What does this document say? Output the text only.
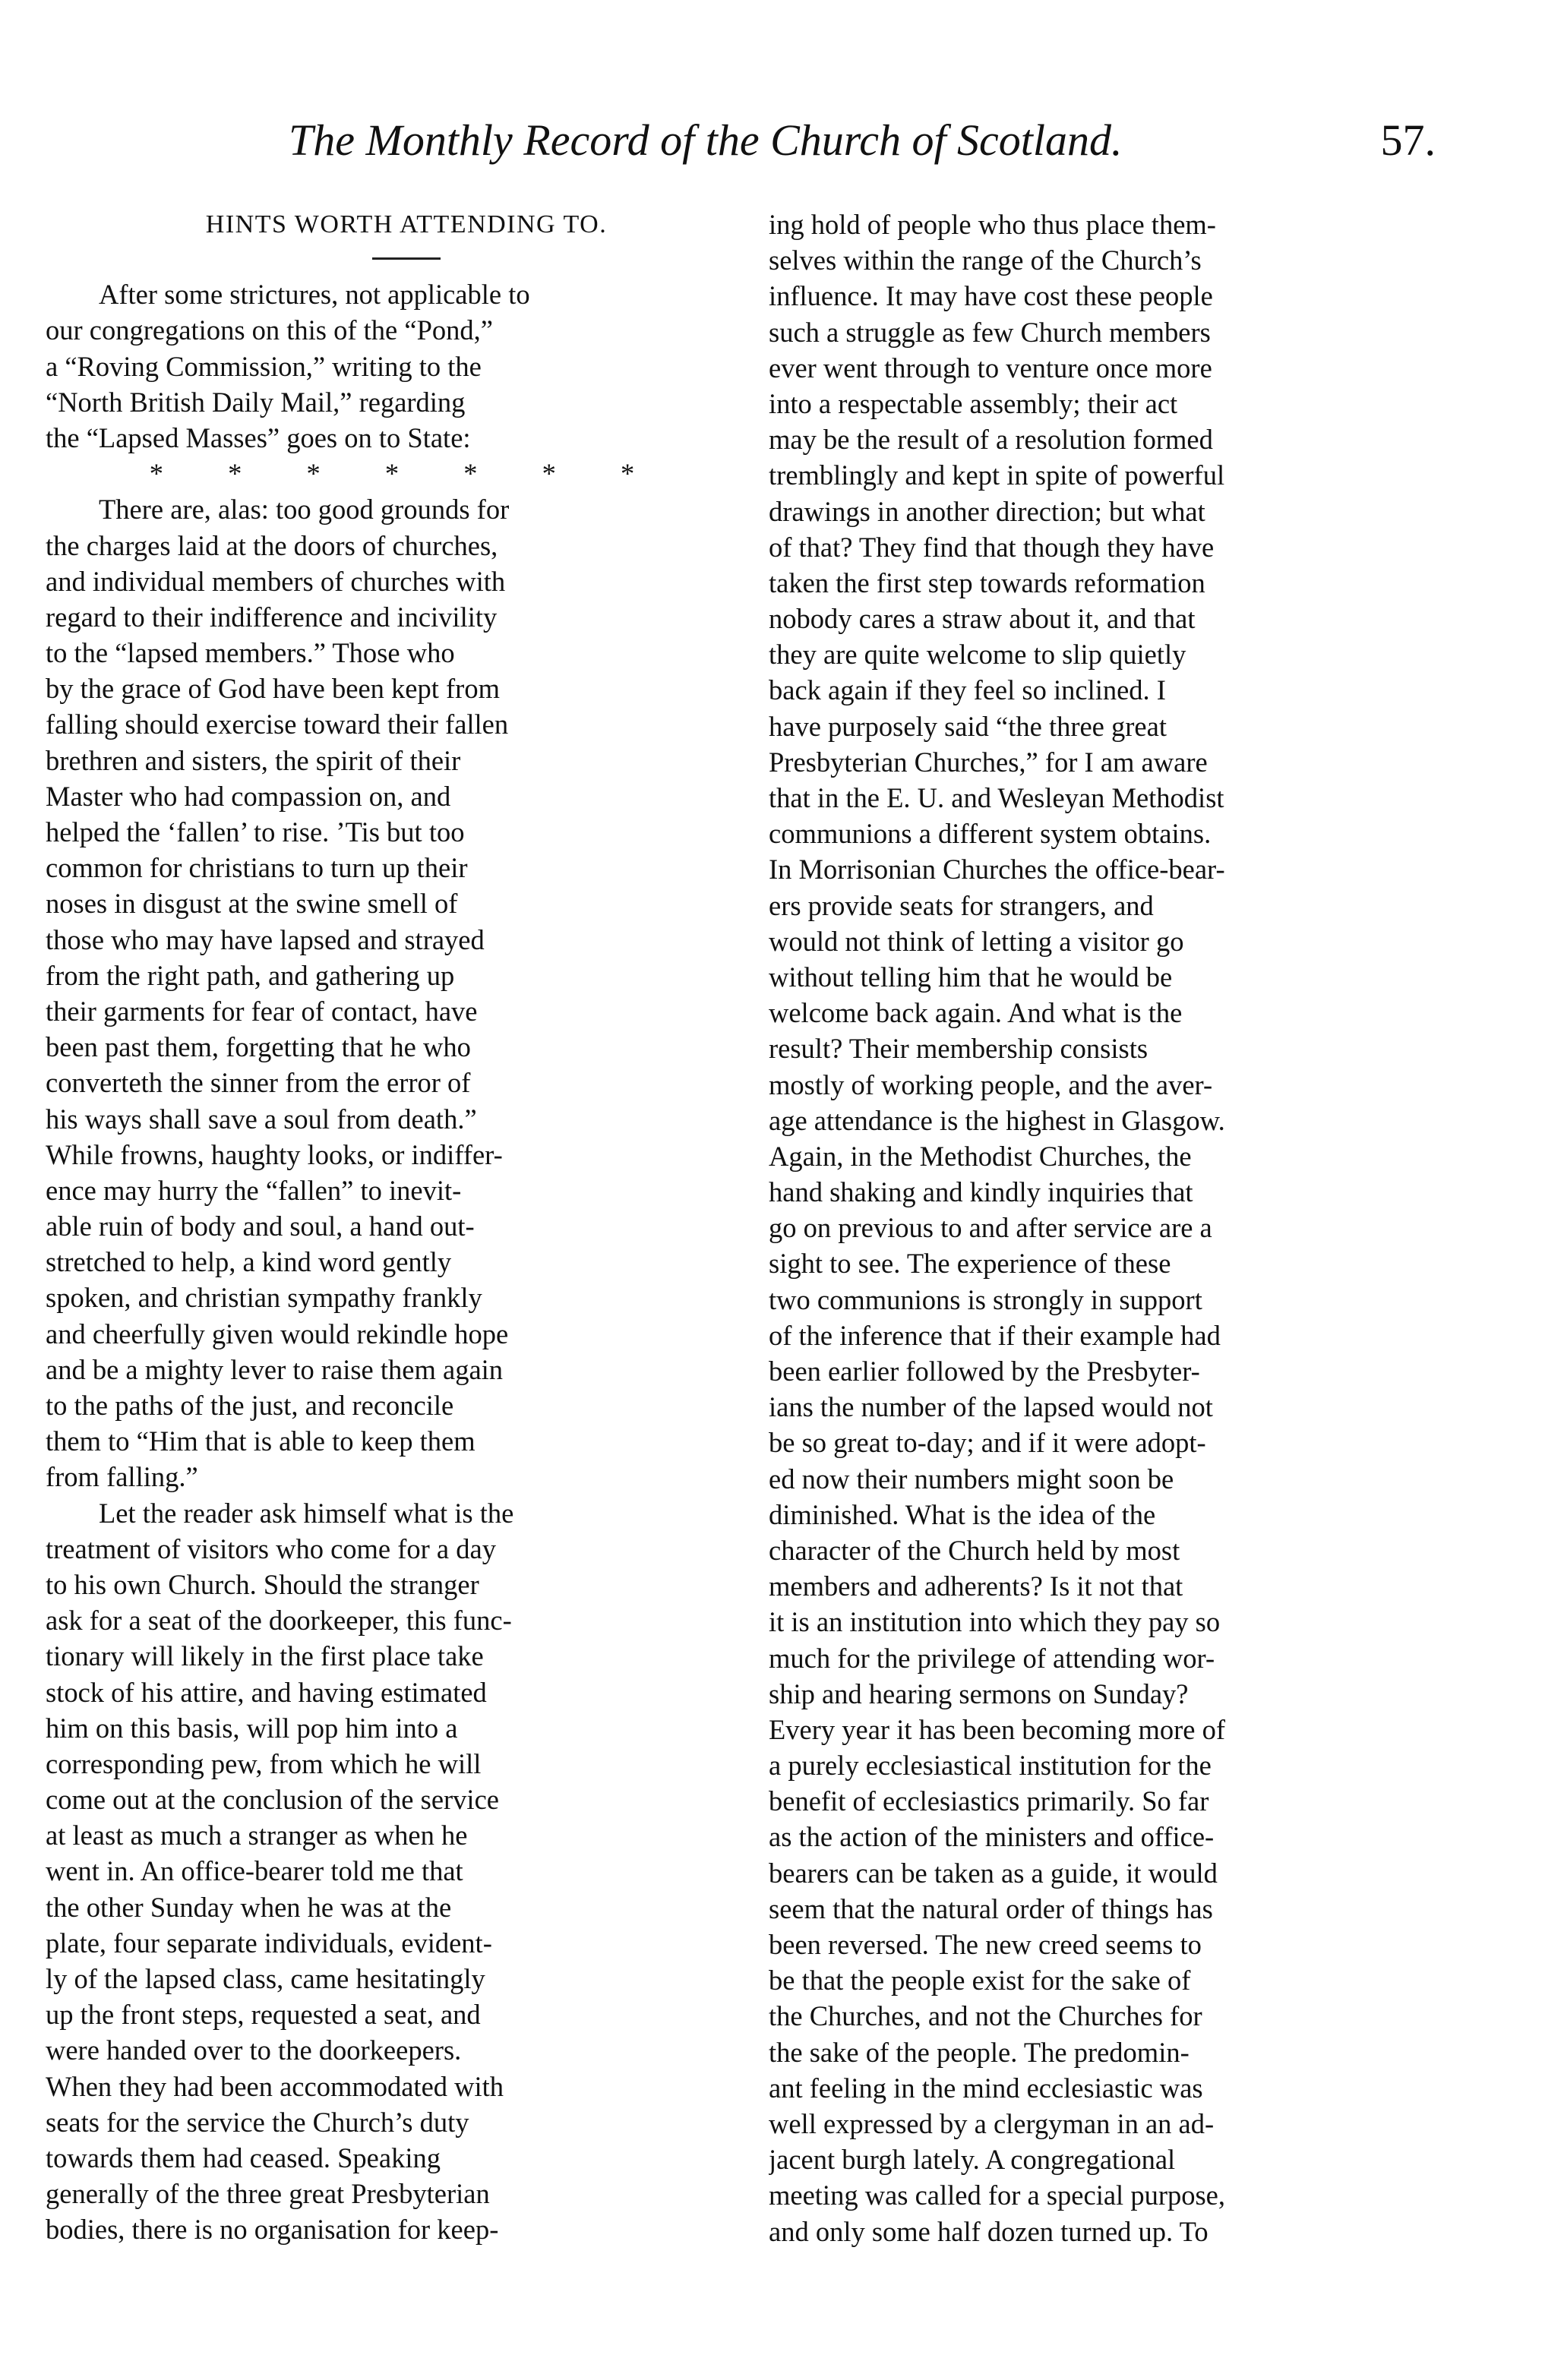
The Monthly Record of the Church of Scotland.	57.
HINTS WORTH ATTENDING TO.
After some strictures, not applicable to
our congregations on this of the “Pond,”
a “Roving Commission,” writing to the
“North British Daily Mail,” regarding
the “Lapsed Masses” goes on to State:
* * * * * * *
There are, alas: too good grounds for
the charges laid at the doors of churches,
and individual members of churches with
regard to their indifference and incivility
to the “lapsed members.” Those who
by the grace of God have been kept from
falling should exercise toward their fallen
brethren and sisters, the spirit of their
Master who had compassion on, and
helped the ‘fallen’ to rise. ’Tis but too
common for christians to turn up their
noses in disgust at the swine smell of
those who may have lapsed and strayed
from the right path, and gathering up
their garments for fear of contact, have
been past them, forgetting that he who
converteth the sinner from the error of
his ways shall save a soul from death.”
While frowns, haughty looks, or indiffer-
ence may hurry the “fallen” to inevit-
able ruin of body and soul, a hand out-
stretched to help, a kind word gently
spoken, and christian sympathy frankly
and cheerfully given would rekindle hope
and be a mighty lever to raise them again
to the paths of the just, and reconcile
them to “Him that is able to keep them
from falling.”
Let the reader ask himself what is the
treatment of visitors who come for a day
to his own Church. Should the stranger
ask for a seat of the doorkeeper, this func-
tionary will likely in the first place take
stock of his attire, and having estimated
him on this basis, will pop him into a
corresponding pew, from which he will
come out at the conclusion of the service
at least as much a stranger as when he
went in. An office-bearer told me that
the other Sunday when he was at the
plate, four separate individuals, evident-
ly of the lapsed class, came hesitatingly
up the front steps, requested a seat, and
were handed over to the doorkeepers.
When they had been accommodated with
seats for the service the Church’s duty
towards them had ceased. Speaking
generally of the three great Presbyterian
bodies, there is no organisation for keep-
ing hold of people who thus place them-
selves within the range of the Church’s
influence. It may have cost these people
such a struggle as few Church members
ever went through to venture once more
into a respectable assembly; their act
may be the result of a resolution formed
tremblingly and kept in spite of powerful
drawings in another direction; but what
of that? They find that though they have
taken the first step towards reformation
nobody cares a straw about it, and that
they are quite welcome to slip quietly
back again if they feel so inclined. I
have purposely said “the three great
Presbyterian Churches,” for I am aware
that in the E. U. and Wesleyan Methodist
communions a different system obtains.
In Morrisonian Churches the office-bear-
ers provide seats for strangers, and
would not think of letting a visitor go
without telling him that he would be
welcome back again. And what is the
result? Their membership consists
mostly of working people, and the aver-
age attendance is the highest in Glasgow.
Again, in the Methodist Churches, the
hand shaking and kindly inquiries that
go on previous to and after service are a
sight to see. The experience of these
two communions is strongly in support
of the inference that if their example had
been earlier followed by the Presbyter-
ians the number of the lapsed would not
be so great to-day; and if it were adopt-
ed now their numbers might soon be
diminished. What is the idea of the
character of the Church held by most
members and adherents? Is it not that
it is an institution into which they pay so
much for the privilege of attending wor-
ship and hearing sermons on Sunday?
Every year it has been becoming more of
a purely ecclesiastical institution for the
benefit of ecclesiastics primarily. So far
as the action of the ministers and office-
bearers can be taken as a guide, it would
seem that the natural order of things has
been reversed. The new creed seems to
be that the people exist for the sake of
the Churches, and not the Churches for
the sake of the people. The predomin-
ant feeling in the mind ecclesiastic was
well expressed by a clergyman in an ad-
jacent burgh lately. A congregational
meeting was called for a special purpose,
and only some half dozen turned up. To
